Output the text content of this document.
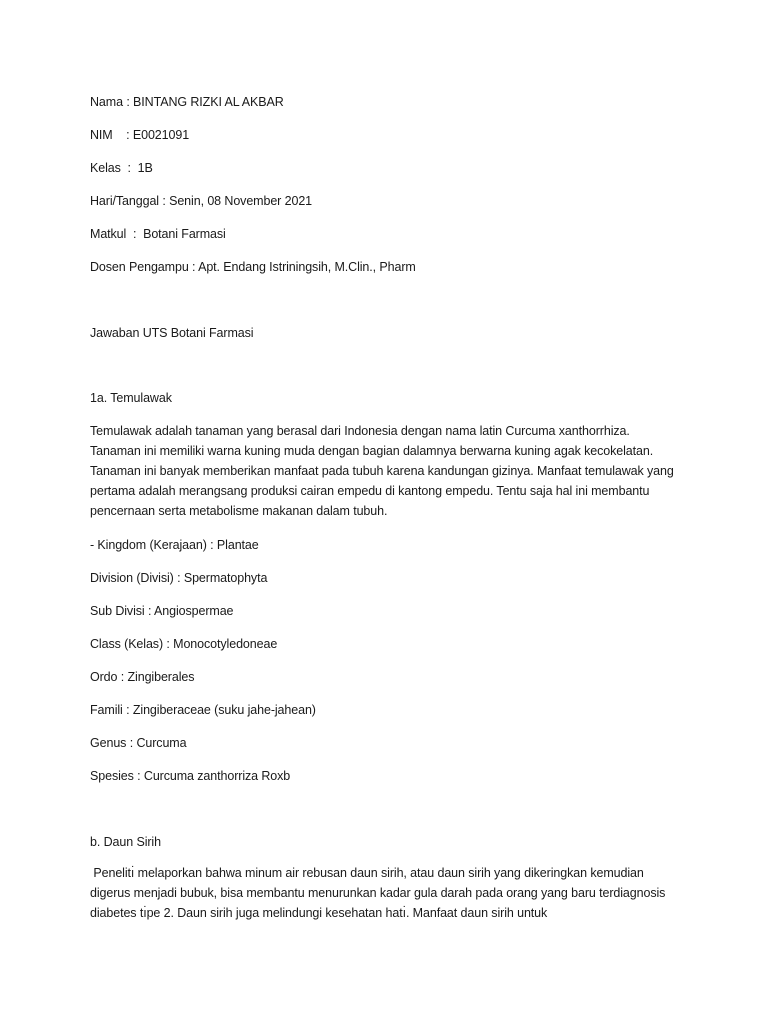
Nama : BINTANG RIZKI AL AKBAR
NIM    : E0021091
Kelas  :  1B
Hari/Tanggal : Senin, 08 November 2021
Matkul  :  Botani Farmasi
Dosen Pengampu : Apt. Endang Istriningsih, M.Clin., Pharm
Jawaban UTS Botani Farmasi
1a. Temulawak
Temulawak adalah tanaman yang berasal dari Indonesia dengan nama latin Curcuma xanthorrhiza. Tanaman ini memiliki warna kuning muda dengan bagian dalamnya berwarna kuning agak kecokelatan. Tanaman ini banyak memberikan manfaat pada tubuh karena kandungan gizinya. Manfaat temulawak yang pertama adalah merangsang produksi cairan empedu di kantong empedu. Tentu saja hal ini membantu pencernaan serta metabolisme makanan dalam tubuh.
- Kingdom (Kerajaan) : Plantae
Division (Divisi) : Spermatophyta
Sub Divisi : Angiospermae
Class (Kelas) : Monocotyledoneae
Ordo : Zingiberales
Famili : Zingiberaceae (suku jahe-jahean)
Genus : Curcuma
Spesies : Curcuma zanthorriza Roxb
b. Daun Sirih
Penelitı̇ melaporkan bahwa minum air rebusan daun sirih, atau daun sirih yang dikeringkan kemudian digerus menjadi bubuk, bisa membantu menurunkan kadar gula darah pada orang yang baru terdiagnosis diabetes tı̇pe 2. Daun sirih juga melindungi kesehatan hatı̇. Manfaat daun sirih untuk
